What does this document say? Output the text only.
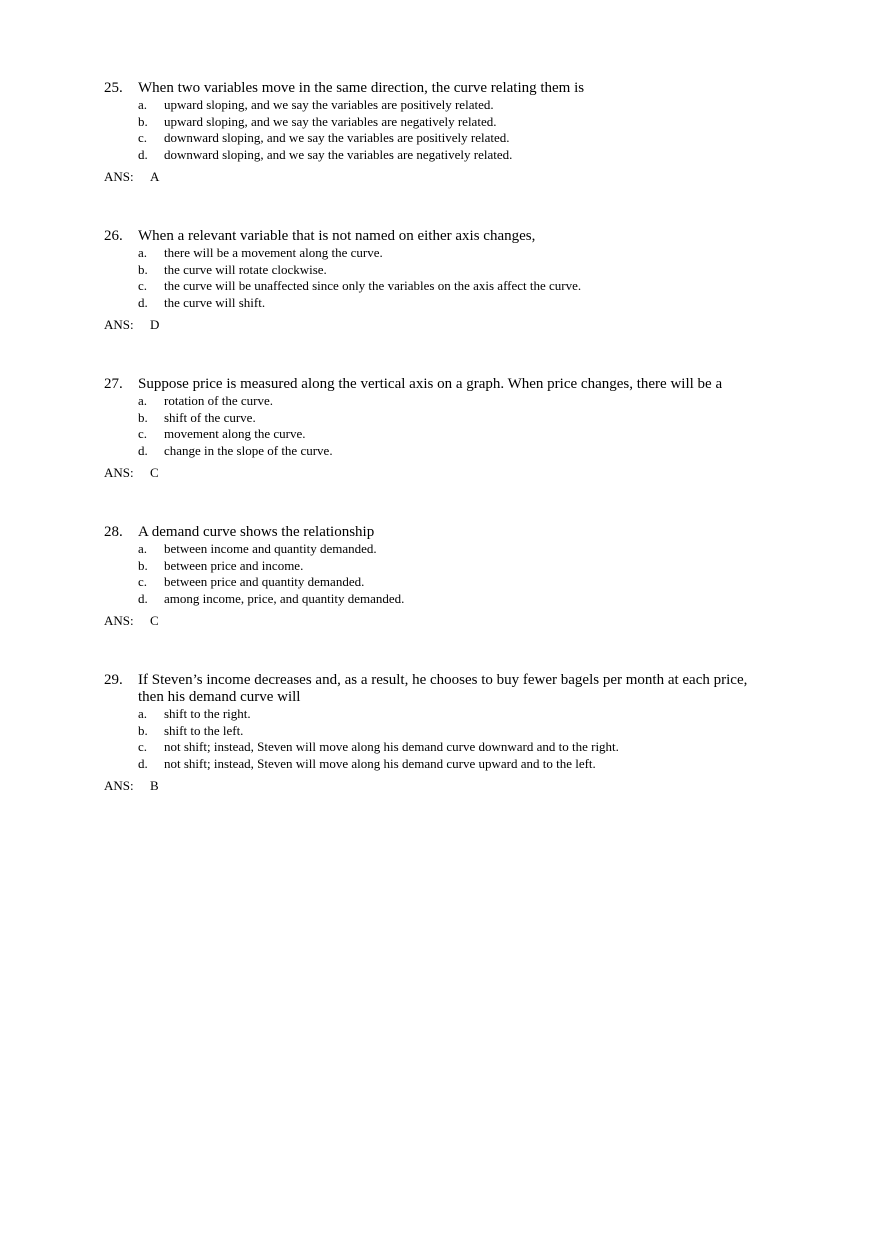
25.	When two variables move in the same direction, the curve relating them is
a.	upward sloping, and we say the variables are positively related.
b.	upward sloping, and we say the variables are negatively related.
c.	downward sloping, and we say the variables are positively related.
d.	downward sloping, and we say the variables are negatively related.
ANS:	A
26.	When a relevant variable that is not named on either axis changes,
a.	there will be a movement along the curve.
b.	the curve will rotate clockwise.
c.	the curve will be unaffected since only the variables on the axis affect the curve.
d.	the curve will shift.
ANS:	D
27.	Suppose price is measured along the vertical axis on a graph. When price changes, there will be a
a.	rotation of the curve.
b.	shift of the curve.
c.	movement along the curve.
d.	change in the slope of the curve.
ANS:	C
28.	A demand curve shows the relationship
a.	between income and quantity demanded.
b.	between price and income.
c.	between price and quantity demanded.
d.	among income, price, and quantity demanded.
ANS:	C
29.	If Steven’s income decreases and, as a result, he chooses to buy fewer bagels per month at each price, then his demand curve will
a.	shift to the right.
b.	shift to the left.
c.	not shift; instead, Steven will move along his demand curve downward and to the right.
d.	not shift; instead, Steven will move along his demand curve upward and to the left.
ANS:	B
